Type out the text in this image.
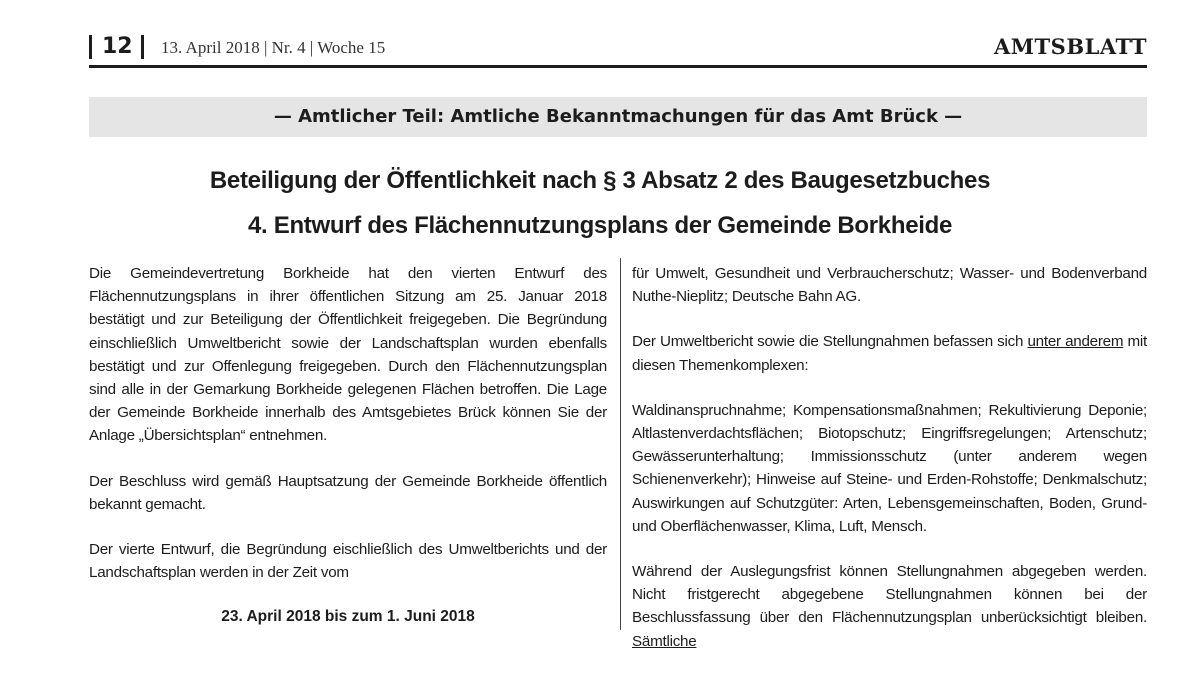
12 13. April 2018 | Nr. 4 | Woche 15	AMTSBLATT
— Amtlicher Teil: Amtliche Bekanntmachungen für das Amt Brück —
Beteiligung der Öffentlichkeit nach § 3 Absatz 2 des Baugesetzbuches
4. Entwurf des Flächennutzungsplans der Gemeinde Borkheide

Die Gemeindevertretung Borkheide hat den vierten Entwurf des Flächennutzungsplans in ihrer öffentlichen Sitzung am 25. Januar 2018 bestätigt und zur Beteiligung der Öffentlichkeit freigegeben. Die Begründung einschließlich Umweltbericht sowie der Landschaftsplan wurden ebenfalls bestätigt und zur Offenlegung freigegeben. Durch den Flächennutzungsplan sind alle in der Gemarkung Borkheide gelegenen Flächen betroffen. Die Lage der Gemeinde Borkheide innerhalb des Amtsgebietes Brück können Sie der Anlage „Übersichtsplan“ entnehmen.

Der Beschluss wird gemäß Hauptsatzung der Gemeinde Borkheide öffentlich bekannt gemacht.

Der vierte Entwurf, die Begründung eischließlich des Umweltberichts und der Landschaftsplan werden in der Zeit vom

23. April 2018 bis zum 1. Juni 2018

für Umwelt, Gesundheit und Verbraucherschutz; Wasser- und Bodenverband Nuthe-Nieplitz; Deutsche Bahn AG.

Der Umweltbericht sowie die Stellungnahmen befassen sich unter anderem mit diesen Themenkomplexen:

Waldinanspruchnahme; Kompensationsmaßnahmen; Rekultivierung Deponie; Altlastenverdachtsflächen; Biotopschutz; Eingriffsregelungen; Artenschutz; Gewässerunterhaltung; Immissionsschutz (unter anderem wegen Schienenverkehr); Hinweise auf Steine- und Erden-Rohstoffe; Denkmalschutz; Auswirkungen auf Schutzgüter: Arten, Lebensgemeinschaften, Boden, Grund- und Oberflächenwasser, Klima, Luft, Mensch.

Während der Auslegungsfrist können Stellungnahmen abgegeben werden. Nicht fristgerecht abgegebene Stellungnahmen können bei der Beschlussfassung über den Flächennutzungsplan unberücksichtigt bleiben. Sämtliche
